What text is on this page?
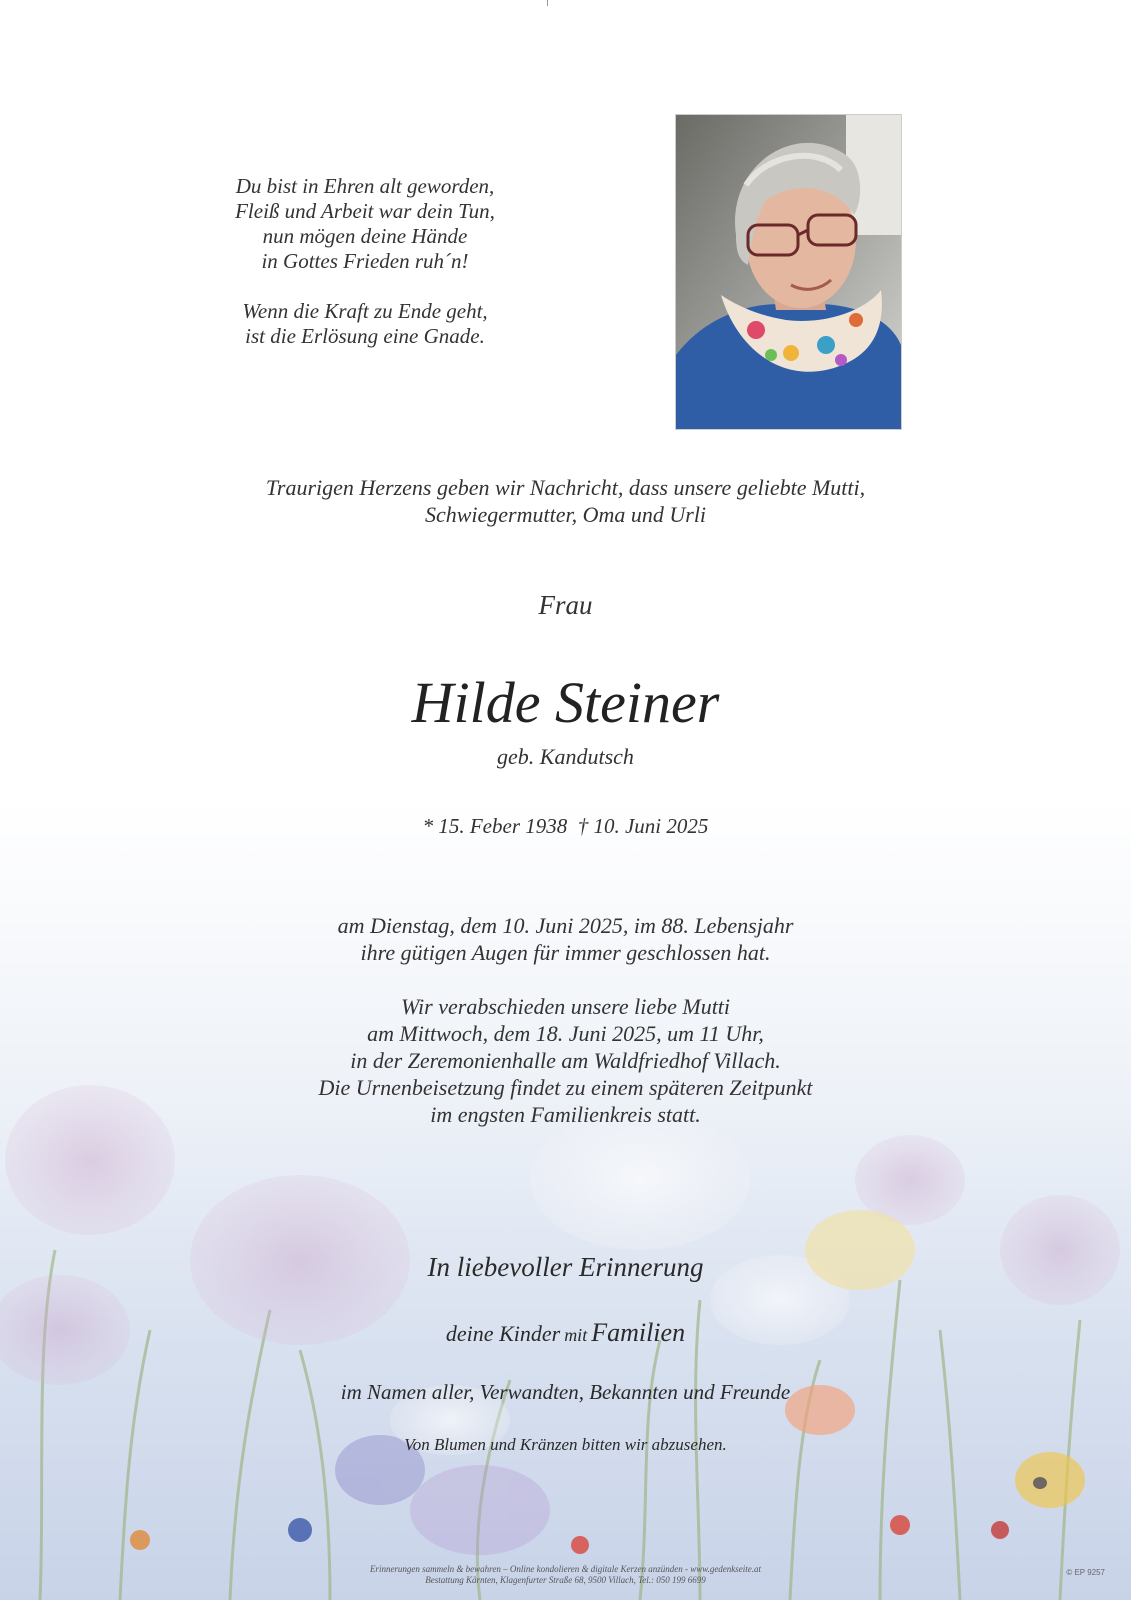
Du bist in Ehren alt geworden,

Fleiß und Arbeit war dein Tun,

nun mögen deine Hände

in Gottes Frieden ruh´n!

Wenn die Kraft zu Ende geht,

ist die Erlösung eine Gnade.

Traurigen Herzens geben wir Nachricht, dass unsere geliebte Mutti,

Schwiegermutter, Oma und Urli

Frau
Hilde Steiner
geb. Kandutsch
* 15. Feber 1938  † 10. Juni 2025

am Dienstag, dem 10. Juni 2025, im 88. Lebensjahr

ihre gütigen Augen für immer geschlossen hat.

Wir verabschieden unsere liebe Mutti

am Mittwoch, dem 18. Juni 2025, um 11 Uhr,

in der Zeremonienhalle am Waldfriedhof Villach.

Die Urnenbeisetzung findet zu einem späteren Zeitpunkt

im engsten Familienkreis statt.

In liebevoller Erinnerung
deine Kinder mit Familien
im Namen aller, Verwandten, Bekannten und Freunde
Von Blumen und Kränzen bitten wir abzusehen.
Erinnerungen sammeln & bewahren – Online kondolieren & digitale Kerzen anzünden - www.gedenkseite.at
Bestattung Kärnten, Klagenfurter Straße 68, 9500 Villach, Tel.: 050 199 6699
© EP 9257
